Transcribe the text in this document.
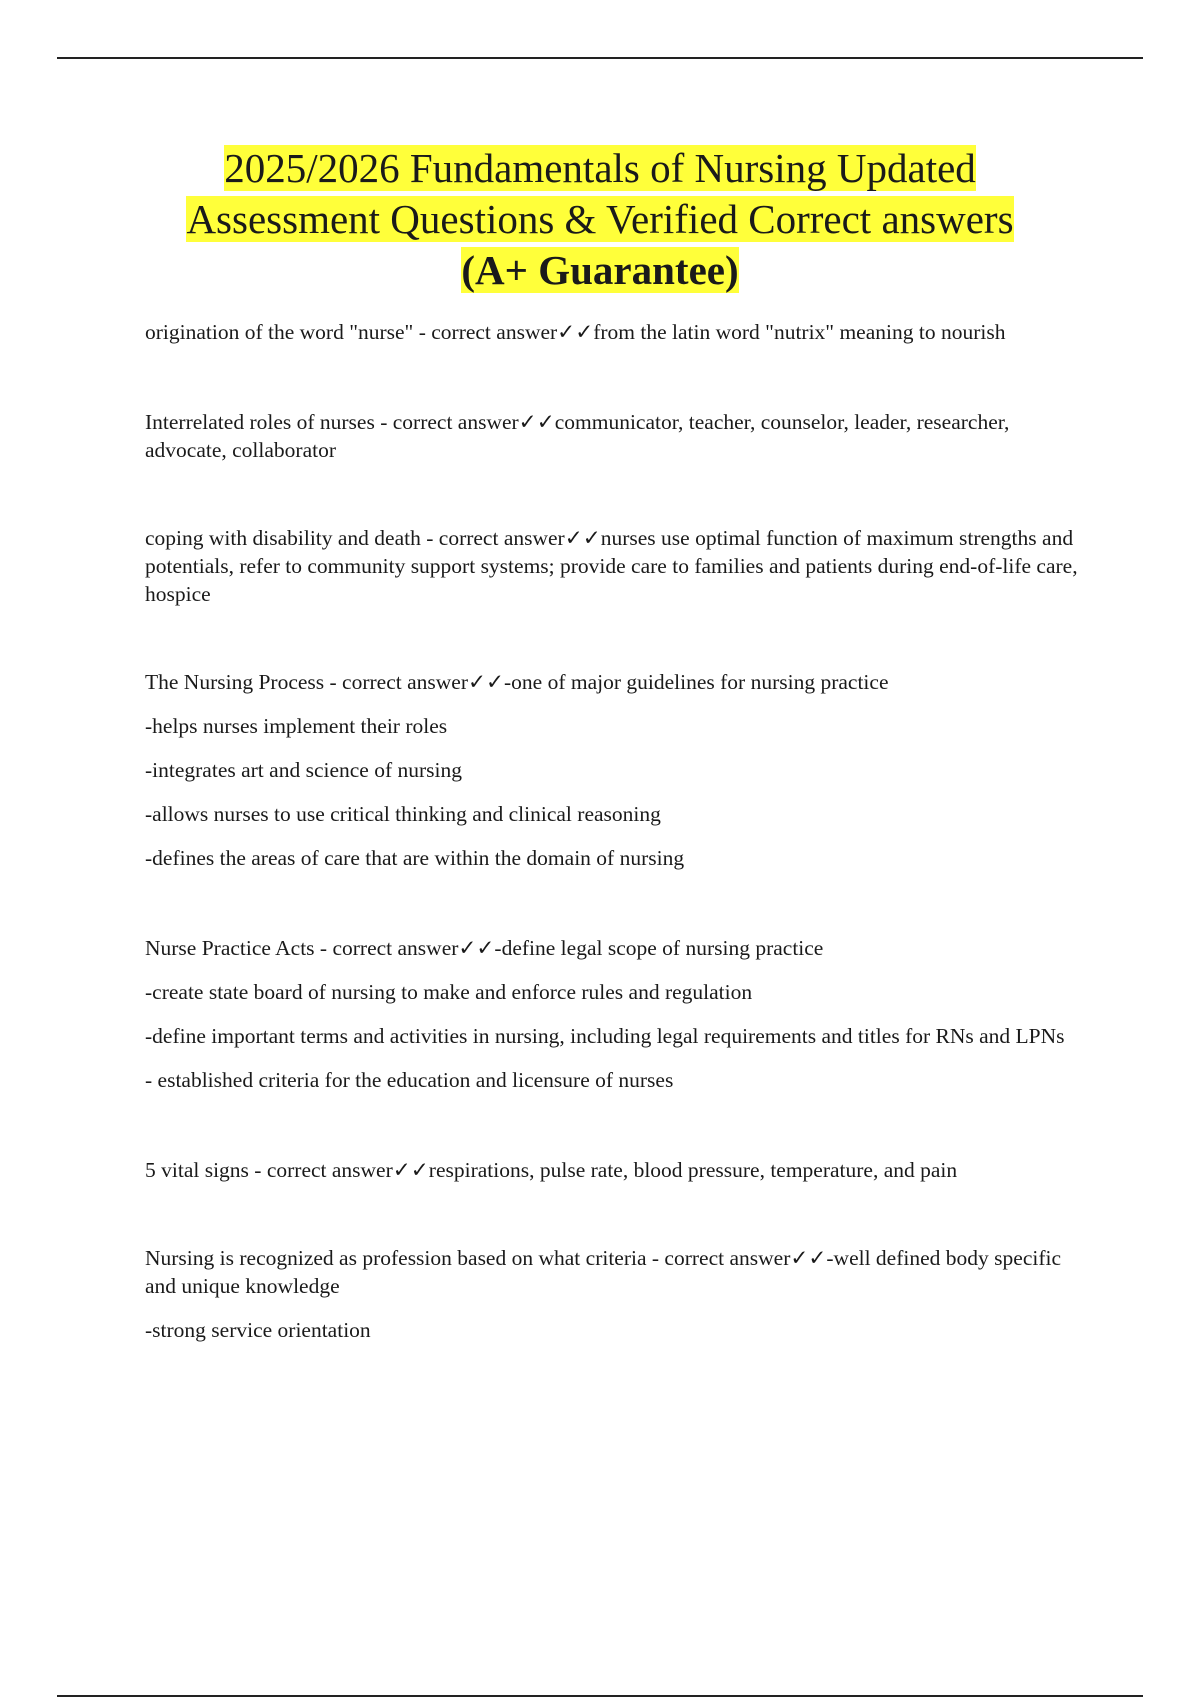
2025/2026 Fundamentals of Nursing Updated
Assessment Questions & Verified Correct answers
(A+ Guarantee)

origination of the word "nurse" - correct answer✓✓from the latin word "nutrix" meaning to nourish

Interrelated roles of nurses - correct answer✓✓communicator, teacher, counselor, leader, researcher, advocate, collaborator

coping with disability and death - correct answer✓✓nurses use optimal function of maximum strengths and potentials, refer to community support systems; provide care to families and patients during end-of-life care, hospice

The Nursing Process - correct answer✓✓-one of major guidelines for nursing practice

-helps nurses implement their roles

-integrates art and science of nursing

-allows nurses to use critical thinking and clinical reasoning

-defines the areas of care that are within the domain of nursing

Nurse Practice Acts - correct answer✓✓-define legal scope of nursing practice

-create state board of nursing to make and enforce rules and regulation

-define important terms and activities in nursing, including legal requirements and titles for RNs and LPNs

- established criteria for the education and licensure of nurses

5 vital signs - correct answer✓✓respirations, pulse rate, blood pressure, temperature, and pain

Nursing is recognized as profession based on what criteria - correct answer✓✓-well defined body specific and unique knowledge

-strong service orientation
